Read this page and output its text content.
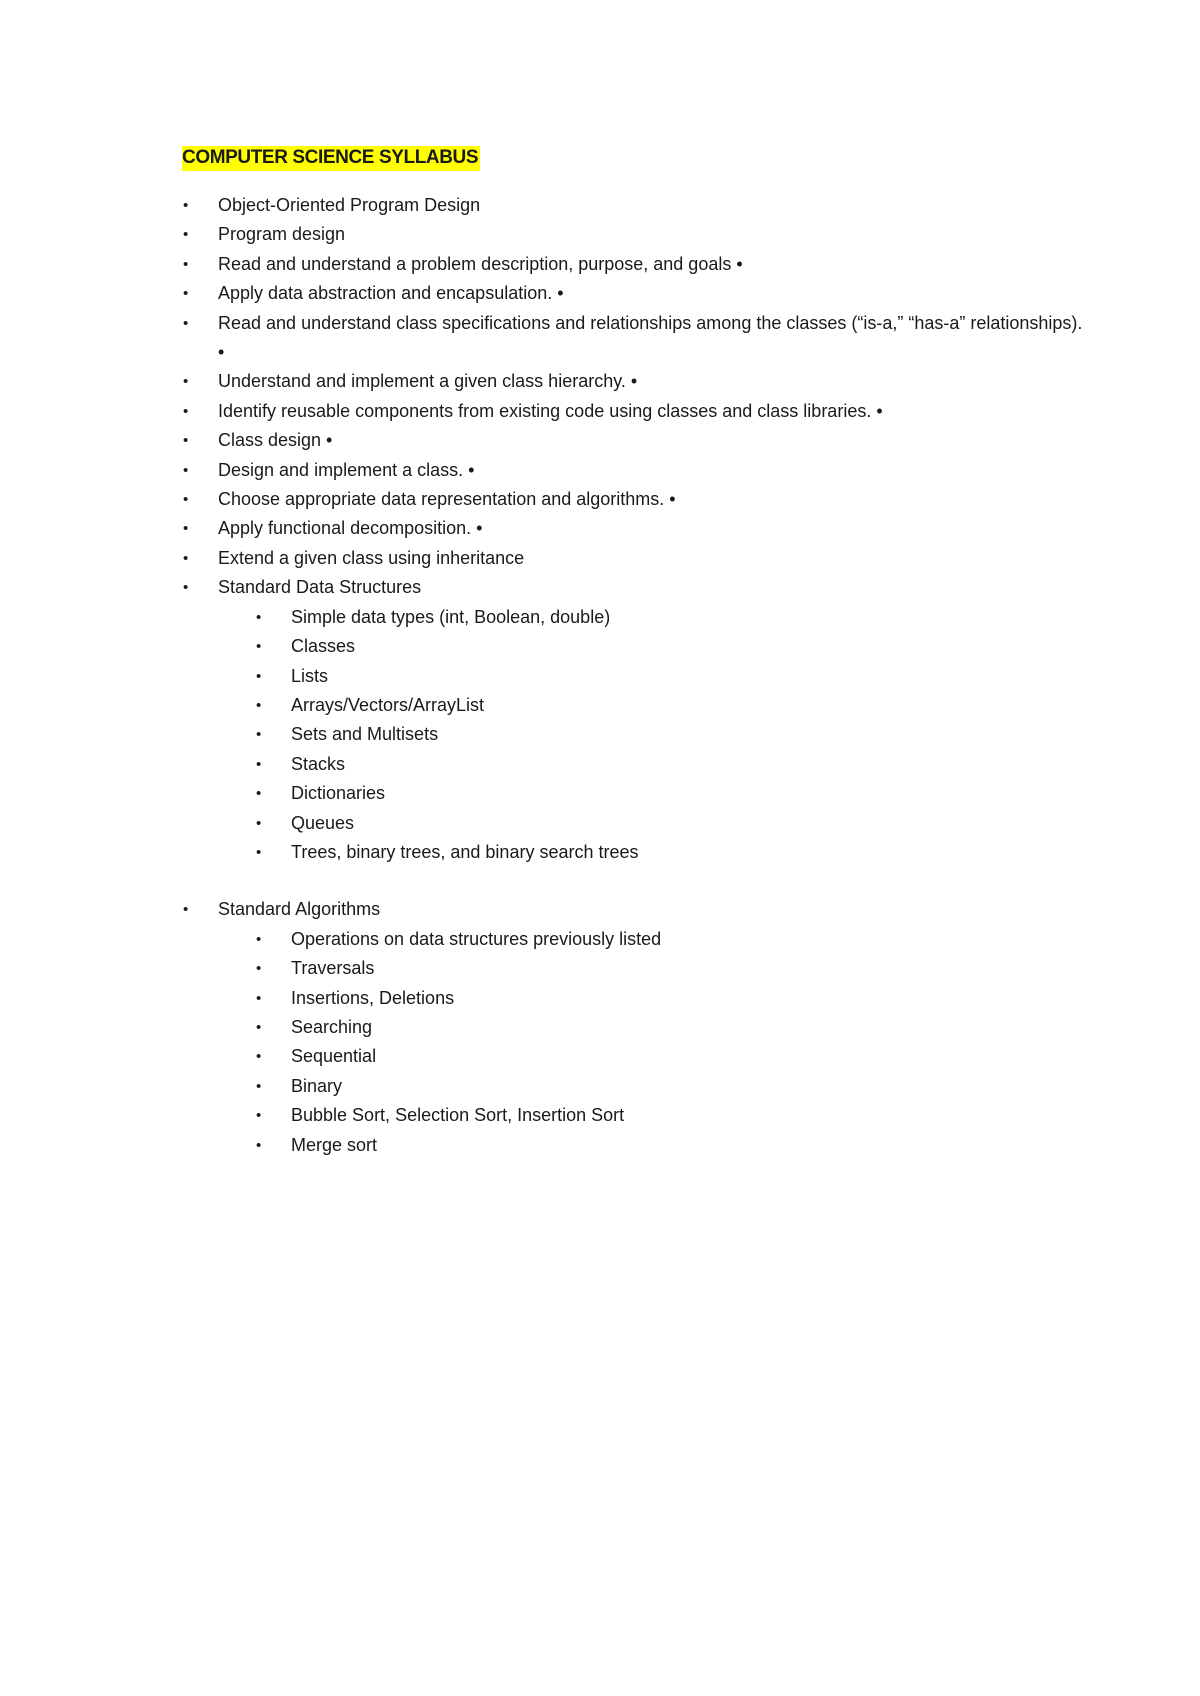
COMPUTER SCIENCE SYLLABUS
• Object-Oriented Program Design
• Program design
• Read and understand a problem description, purpose, and goals •
• Apply data abstraction and encapsulation. •
• Read and understand class specifications and relationships among the classes (“is-a,” “has-a” relationships). •
• Understand and implement a given class hierarchy. •
• Identify reusable components from existing code using classes and class libraries. •
• Class design •
• Design and implement a class. •
• Choose appropriate data representation and algorithms. •
• Apply functional decomposition. •
• Extend a given class using inheritance
• Standard Data Structures
• Simple data types (int, Boolean, double)
• Classes
• Lists
• Arrays/Vectors/ArrayList
• Sets and Multisets
• Stacks
• Dictionaries
• Queues
• Trees, binary trees, and binary search trees
• Standard Algorithms
• Operations on data structures previously listed
• Traversals
• Insertions, Deletions
• Searching
• Sequential
• Binary
• Bubble Sort, Selection Sort, Insertion Sort
• Merge sort
